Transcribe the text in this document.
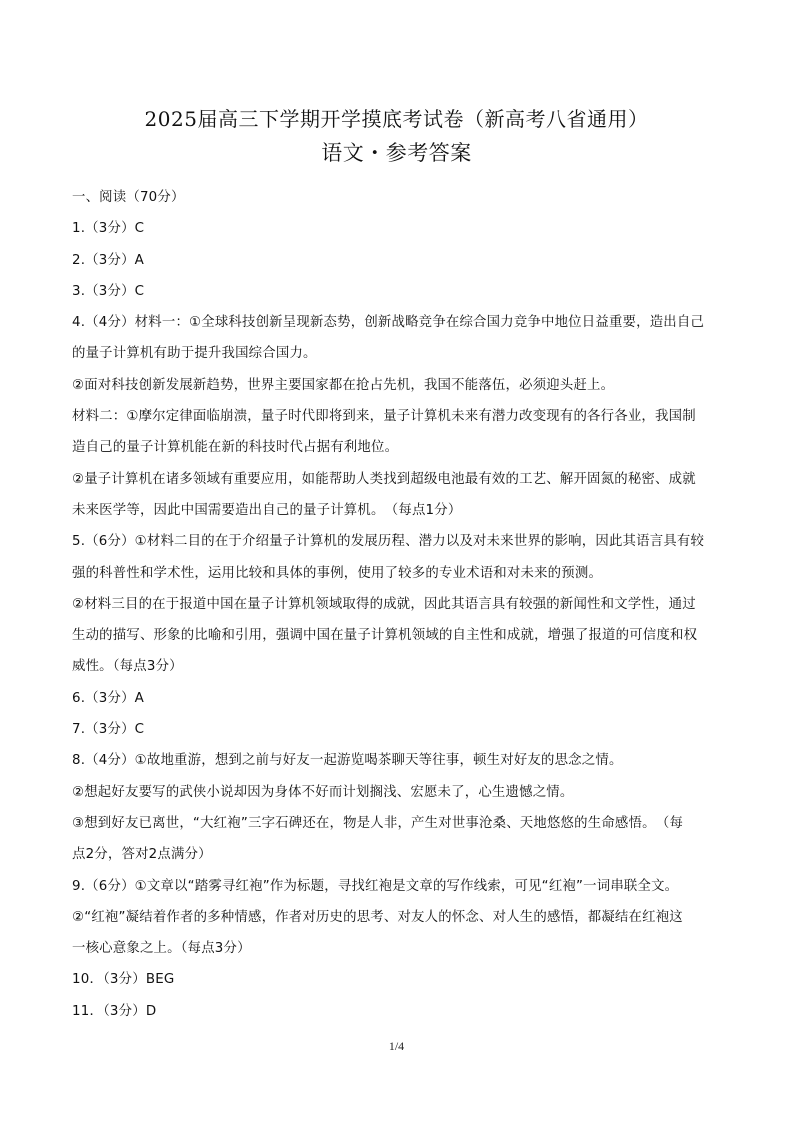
2025届高三下学期开学摸底考试卷（新高考八省通用）
语文・参考答案
一、阅读（70分）
1.（3分）C
2.（3分）A
3.（3分）C
4.（4分）材料一：①全球科技创新呈现新态势，创新战略竞争在综合国力竞争中地位日益重要，造出自己
的量子计算机有助于提升我国综合国力。
②面对科技创新发展新趋势，世界主要国家都在抢占先机，我国不能落伍，必须迎头赶上。
材料二：①摩尔定律面临崩溃，量子时代即将到来，量子计算机未来有潜力改变现有的各行各业，我国制
造自己的量子计算机能在新的科技时代占据有利地位。
②量子计算机在诸多领域有重要应用，如能帮助人类找到超级电池最有效的工艺、解开固氮的秘密、成就
未来医学等，因此中国需要造出自己的量子计算机。　（每点1分）
5.（6分）①材料二目的在于介绍量子计算机的发展历程、潜力以及对未来世界的影响，因此其语言具有较
强的科普性和学术性，运用比较和具体的事例，使用了较多的专业术语和对未来的预测。
②材料三目的在于报道中国在量子计算机领域取得的成就，因此其语言具有较强的新闻性和文学性，通过
生动的描写、形象的比喻和引用，强调中国在量子计算机领域的自主性和成就，增强了报道的可信度和权
威性。（每点3分）
6.（3分）A
7.（3分）C
8.（4分）①故地重游，想到之前与好友一起游览喝茶聊天等往事，顿生对好友的思念之情。
②想起好友要写的武侠小说却因为身体不好而计划搁浅、宏愿未了，心生遗憾之情。
③想到好友已离世，“大红袍”三字石碑还在，物是人非，产生对世事沧桑、天地悠悠的生命感悟。　（每
点2分，答对2点满分）
9.（6分）①文章以“踏雾寻红袍”作为标题，寻找红袍是文章的写作线索，可见“红袍”一词串联全文。
②“红袍”凝结着作者的多种情感，作者对历史的思考、对友人的怀念、对人生的感悟，都凝结在红袍这
一核心意象之上。（每点3分）
10．（3分）BEG
11．（3分）D
1/4
